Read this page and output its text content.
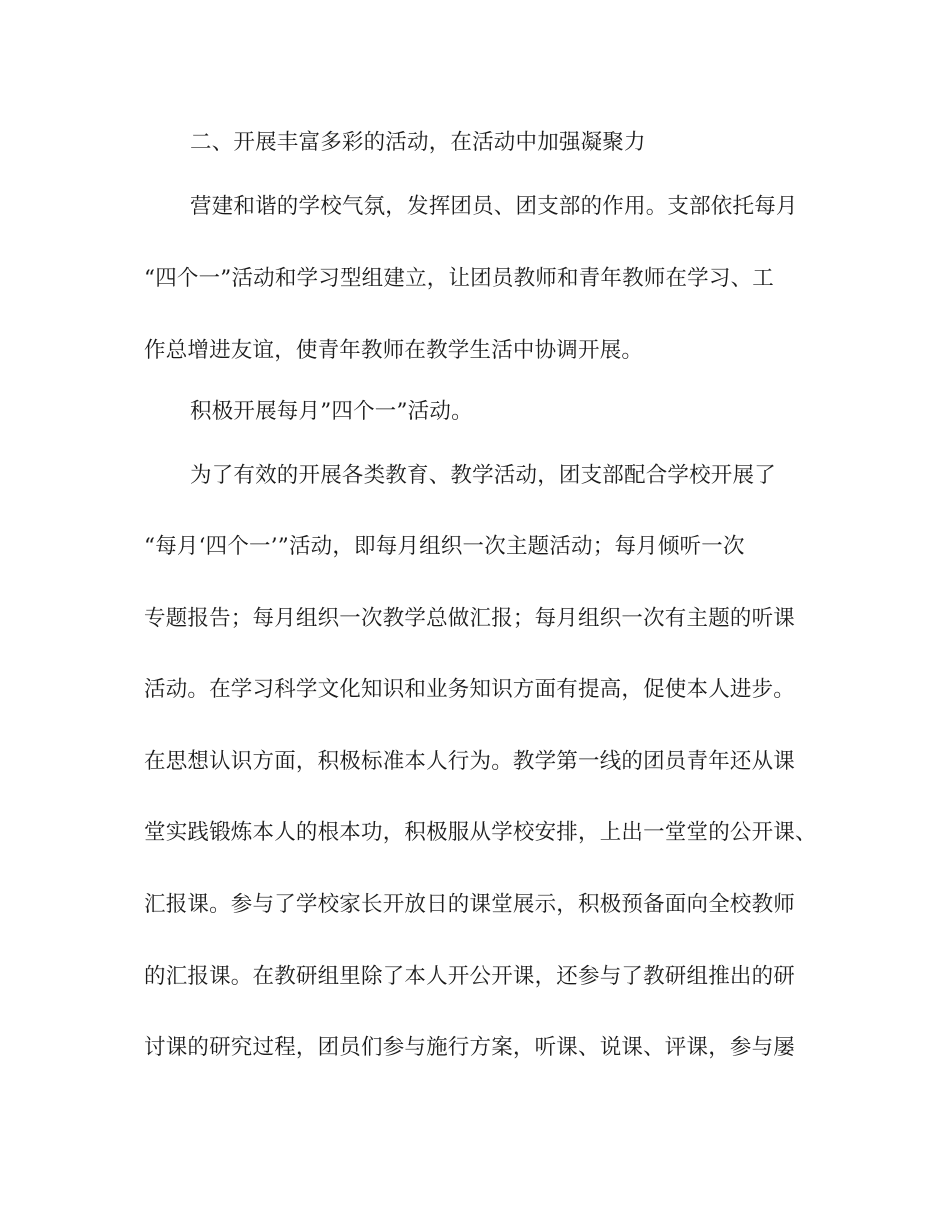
二、开展丰富多彩的活动，在活动中加强凝聚力
营建和谐的学校气氛，发挥团员、团支部的作用。支部依托每月
“四个一”活动和学习型组建立，让团员教师和青年教师在学习、工
作总增进友谊，使青年教师在教学生活中协调开展。
积极开展每月”四个一”活动。
为了有效的开展各类教育、教学活动，团支部配合学校开展了
“每月‘四个一’”活动，即每月组织一次主题活动；每月倾听一次
专题报告；每月组织一次教学总做汇报；每月组织一次有主题的听课
活动。在学习科学文化知识和业务知识方面有提高，促使本人进步。
在思想认识方面，积极标准本人行为。教学第一线的团员青年还从课
堂实践锻炼本人的根本功，积极服从学校安排，上出一堂堂的公开课、
汇报课。参与了学校家长开放日的课堂展示，积极预备面向全校教师
的汇报课。在教研组里除了本人开公开课，还参与了教研组推出的研
讨课的研究过程，团员们参与施行方案，听课、说课、评课，参与屡
